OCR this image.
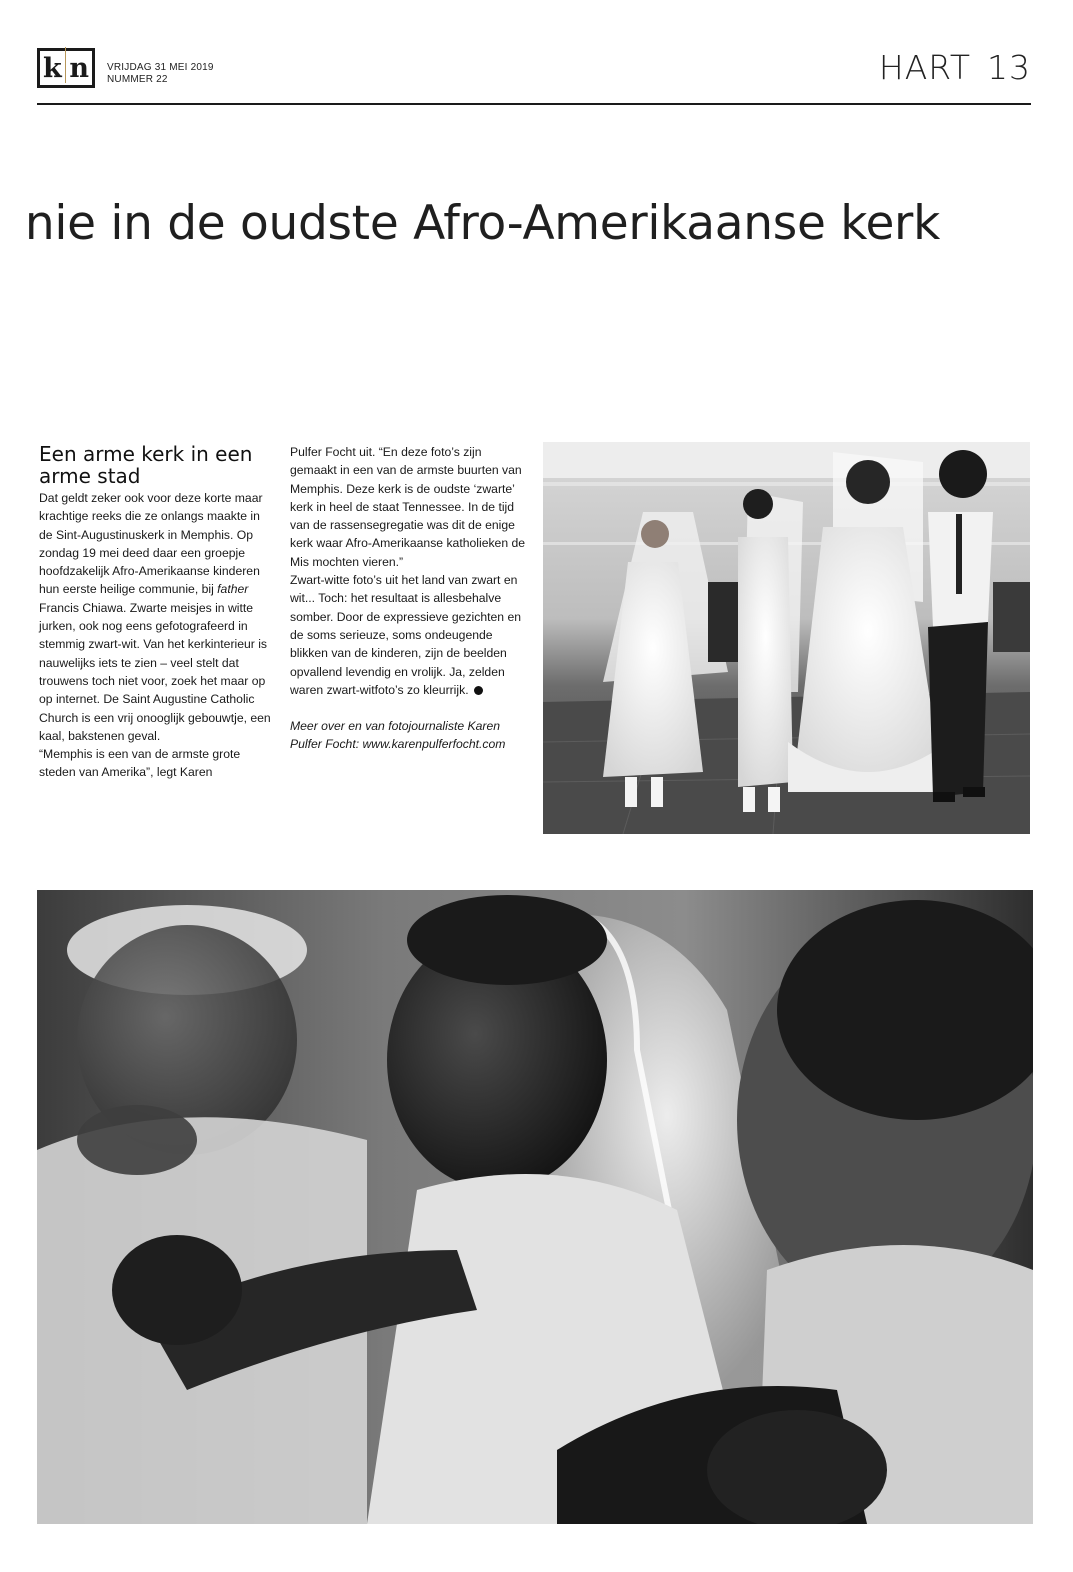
k n	VRIJDAG 31 MEI 2019
NUMMER 22	HART 13
nie in de oudste Afro-Amerikaanse kerk
Een arme kerk in een arme stad

Dat geldt zeker ook voor deze korte maar krachtige reeks die ze onlangs maakte in de Sint-Augustinuskerk in Memphis. Op zondag 19 mei deed daar een groepje hoofdzakelijk Afro-Amerikaanse kinderen hun eerste heilige communie, bij father Francis Chiawa. Zwarte meisjes in witte jurken, ook nog eens gefotografeerd in stemmig zwart-wit. Van het kerkinterieur is nauwelijks iets te zien – veel stelt dat trouwens toch niet voor, zoek het maar op op internet. De Saint Augustine Catholic Church is een vrij onooglijk gebouwtje, een kaal, bakstenen geval.

“Memphis is een van de armste grote steden van Amerika”, legt Karen

Pulfer Focht uit. “En deze foto’s zijn gemaakt in een van de armste buurten van Memphis. Deze kerk is de oudste ‘zwarte’ kerk in heel de staat Tennessee. In de tijd van de rassensegregatie was dit de enige kerk waar Afro-Amerikaanse katholieken de Mis mochten vieren.”

Zwart-witte foto’s uit het land van zwart en wit... Toch: het resultaat is allesbehalve somber. Door de expressieve gezichten en de soms serieuze, soms ondeugende blikken van de kinderen, zijn de beelden opvallend levendig en vrolijk. Ja, zelden waren zwart-witfoto’s zo kleurrijk.

Meer over en van fotojournaliste Karen Pulfer Focht: www.karenpulferfocht.com
